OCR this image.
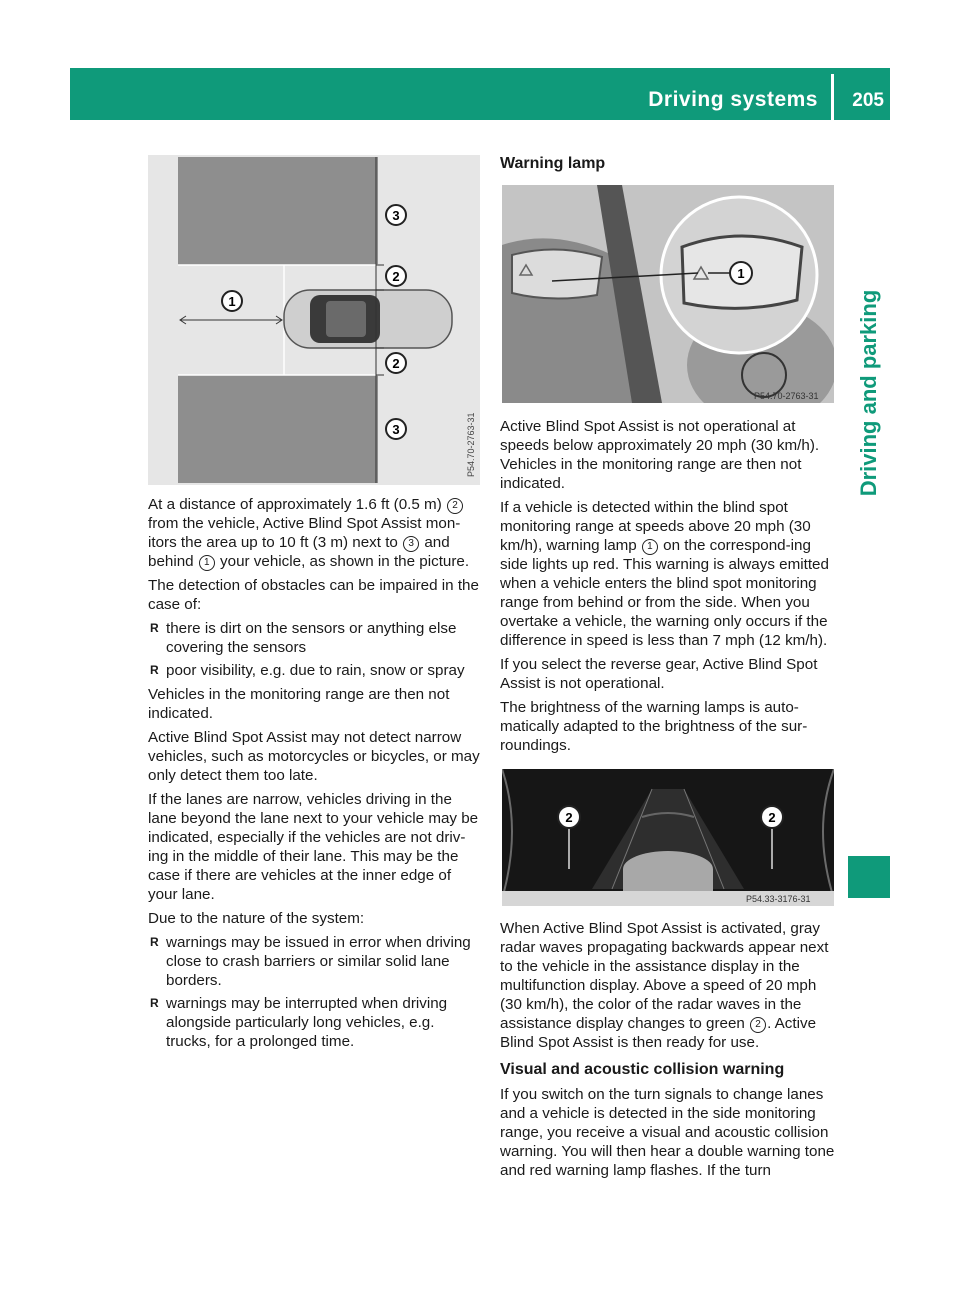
Driving systems 205
Driving and parking
3
2
1
2
3	P54.70-2763-31

At a distance of approximately 1.6 ft (0.5 m) 2 from the vehicle, Active Blind Spot Assist mon-itors the area up to 10 ft (3 m) next to 3 and behind 1 your vehicle, as shown in the picture.

The detection of obstacles can be impaired in the case of:

R there is dirt on the sensors or anything else covering the sensors
R poor visibility, e.g. due to rain, snow or spray

Vehicles in the monitoring range are then not indicated.

Active Blind Spot Assist may not detect narrow vehicles, such as motorcycles or bicycles, or may only detect them too late.

If the lanes are narrow, vehicles driving in the lane beyond the lane next to your vehicle may be indicated, especially if the vehicles are not driv-ing in the middle of their lane. This may be the case if there are vehicles at the inner edge of your lane.

Due to the nature of the system:

R warnings may be issued in error when driving close to crash barriers or similar solid lane borders.
R warnings may be interrupted when driving alongside particularly long vehicles, e.g. trucks, for a prolonged time.
Warning lamp
1
P54.70-2763-31

Active Blind Spot Assist is not operational at speeds below approximately 20 mph (30 km/h). Vehicles in the monitoring range are then not indicated.

If a vehicle is detected within the blind spot monitoring range at speeds above 20 mph (30 km/h), warning lamp 1 on the correspond-ing side lights up red. This warning is always emitted when a vehicle enters the blind spot monitoring range from behind or from the side. When you overtake a vehicle, the warning only occurs if the difference in speed is less than 7 mph (12 km/h).

If you select the reverse gear, Active Blind Spot Assist is not operational.

The brightness of the warning lamps is auto-matically adapted to the brightness of the sur-roundings.

2	2
P54.33-3176-31

When Active Blind Spot Assist is activated, gray radar waves propagating backwards appear next to the vehicle in the assistance display in the multifunction display. Above a speed of 20 mph (30 km/h), the color of the radar waves in the assistance display changes to green 2 . Active Blind Spot Assist is then ready for use.

Visual and acoustic collision warning

If you switch on the turn signals to change lanes and a vehicle is detected in the side monitoring range, you receive a visual and acoustic collision warning. You will then hear a double warning tone and red warning lamp flashes. If the turn
